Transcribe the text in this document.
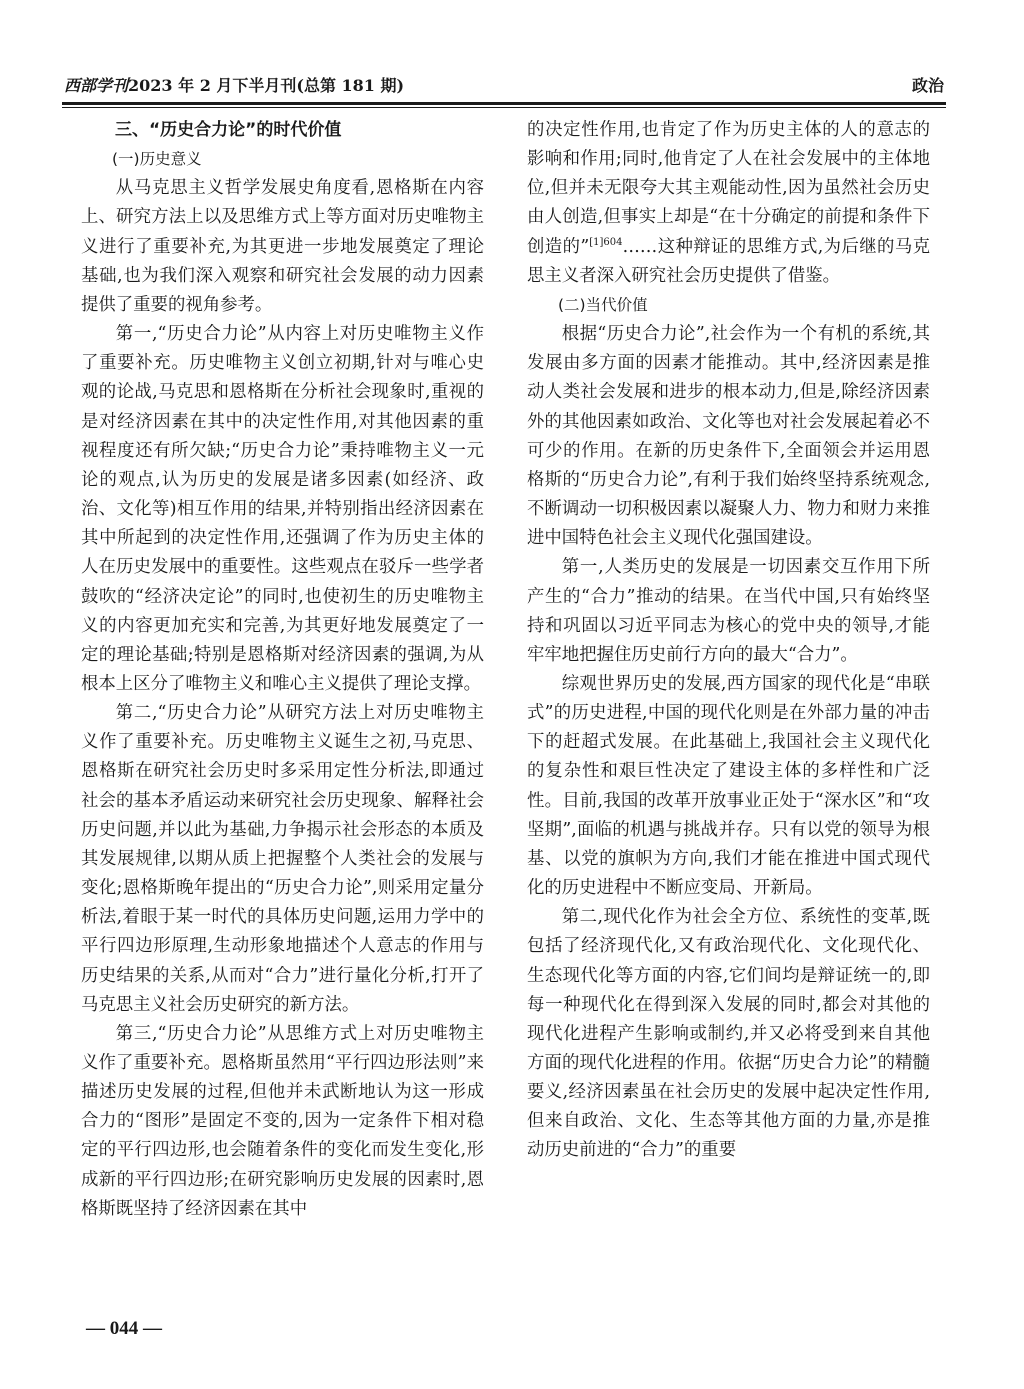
西部学刊2023 年 2 月下半月刊(总第 181 期)	政治

三、“历史合力论”的时代价值

(一)历史意义

从马克思主义哲学发展史角度看,恩格斯在内容上、研究方法上以及思维方式上等方面对历史唯物主义进行了重要补充,为其更进一步地发展奠定了理论基础,也为我们深入观察和研究社会发展的动力因素提供了重要的视角参考。

第一,“历史合力论”从内容上对历史唯物主义作了重要补充。历史唯物主义创立初期,针对与唯心史观的论战,马克思和恩格斯在分析社会现象时,重视的是对经济因素在其中的决定性作用,对其他因素的重视程度还有所欠缺;“历史合力论”秉持唯物主义一元论的观点,认为历史的发展是诸多因素(如经济、政治、文化等)相互作用的结果,并特别指出经济因素在其中所起到的决定性作用,还强调了作为历史主体的人在历史发展中的重要性。这些观点在驳斥一些学者鼓吹的“经济决定论”的同时,也使初生的历史唯物主义的内容更加充实和完善,为其更好地发展奠定了一定的理论基础;特别是恩格斯对经济因素的强调,为从根本上区分了唯物主义和唯心主义提供了理论支撑。

第二,“历史合力论”从研究方法上对历史唯物主义作了重要补充。历史唯物主义诞生之初,马克思、恩格斯在研究社会历史时多采用定性分析法,即通过社会的基本矛盾运动来研究社会历史现象、解释社会历史问题,并以此为基础,力争揭示社会形态的本质及其发展规律,以期从质上把握整个人类社会的发展与变化;恩格斯晚年提出的“历史合力论”,则采用定量分析法,着眼于某一时代的具体历史问题,运用力学中的平行四边形原理,生动形象地描述个人意志的作用与历史结果的关系,从而对“合力”进行量化分析,打开了马克思主义社会历史研究的新方法。

第三,“历史合力论”从思维方式上对历史唯物主义作了重要补充。恩格斯虽然用“平行四边形法则”来描述历史发展的过程,但他并未武断地认为这一形成合力的“图形”是固定不变的,因为一定条件下相对稳定的平行四边形,也会随着条件的变化而发生变化,形成新的平行四边形;在研究影响历史发展的因素时,恩格斯既坚持了经济因素在其中

的决定性作用,也肯定了作为历史主体的人的意志的影响和作用;同时,他肯定了人在社会发展中的主体地位,但并未无限夸大其主观能动性,因为虽然社会历史由人创造,但事实上却是“在十分确定的前提和条件下创造的”$^{[1]604}$……这种辩证的思维方式,为后继的马克思主义者深入研究社会历史提供了借鉴。

(二)当代价值

根据“历史合力论”,社会作为一个有机的系统,其发展由多方面的因素才能推动。其中,经济因素是推动人类社会发展和进步的根本动力,但是,除经济因素外的其他因素如政治、文化等也对社会发展起着必不可少的作用。在新的历史条件下,全面领会并运用恩格斯的“历史合力论”,有利于我们始终坚持系统观念,不断调动一切积极因素以凝聚人力、物力和财力来推进中国特色社会主义现代化强国建设。

第一,人类历史的发展是一切因素交互作用下所产生的“合力”推动的结果。在当代中国,只有始终坚持和巩固以习近平同志为核心的党中央的领导,才能牢牢地把握住历史前行方向的最大“合力”。

综观世界历史的发展,西方国家的现代化是“串联式”的历史进程,中国的现代化则是在外部力量的冲击下的赶超式发展。在此基础上,我国社会主义现代化的复杂性和艰巨性决定了建设主体的多样性和广泛性。目前,我国的改革开放事业正处于“深水区”和“攻坚期”,面临的机遇与挑战并存。只有以党的领导为根基、以党的旗帜为方向,我们才能在推进中国式现代化的历史进程中不断应变局、开新局。

第二,现代化作为社会全方位、系统性的变革,既包括了经济现代化,又有政治现代化、文化现代化、生态现代化等方面的内容,它们间均是辩证统一的,即每一种现代化在得到深入发展的同时,都会对其他的现代化进程产生影响或制约,并又必将受到来自其他方面的现代化进程的作用。依据“历史合力论”的精髓要义,经济因素虽在社会历史的发展中起决定性作用,但来自政治、文化、生态等其他方面的力量,亦是推动历史前进的“合力”的重要

— 044 —
